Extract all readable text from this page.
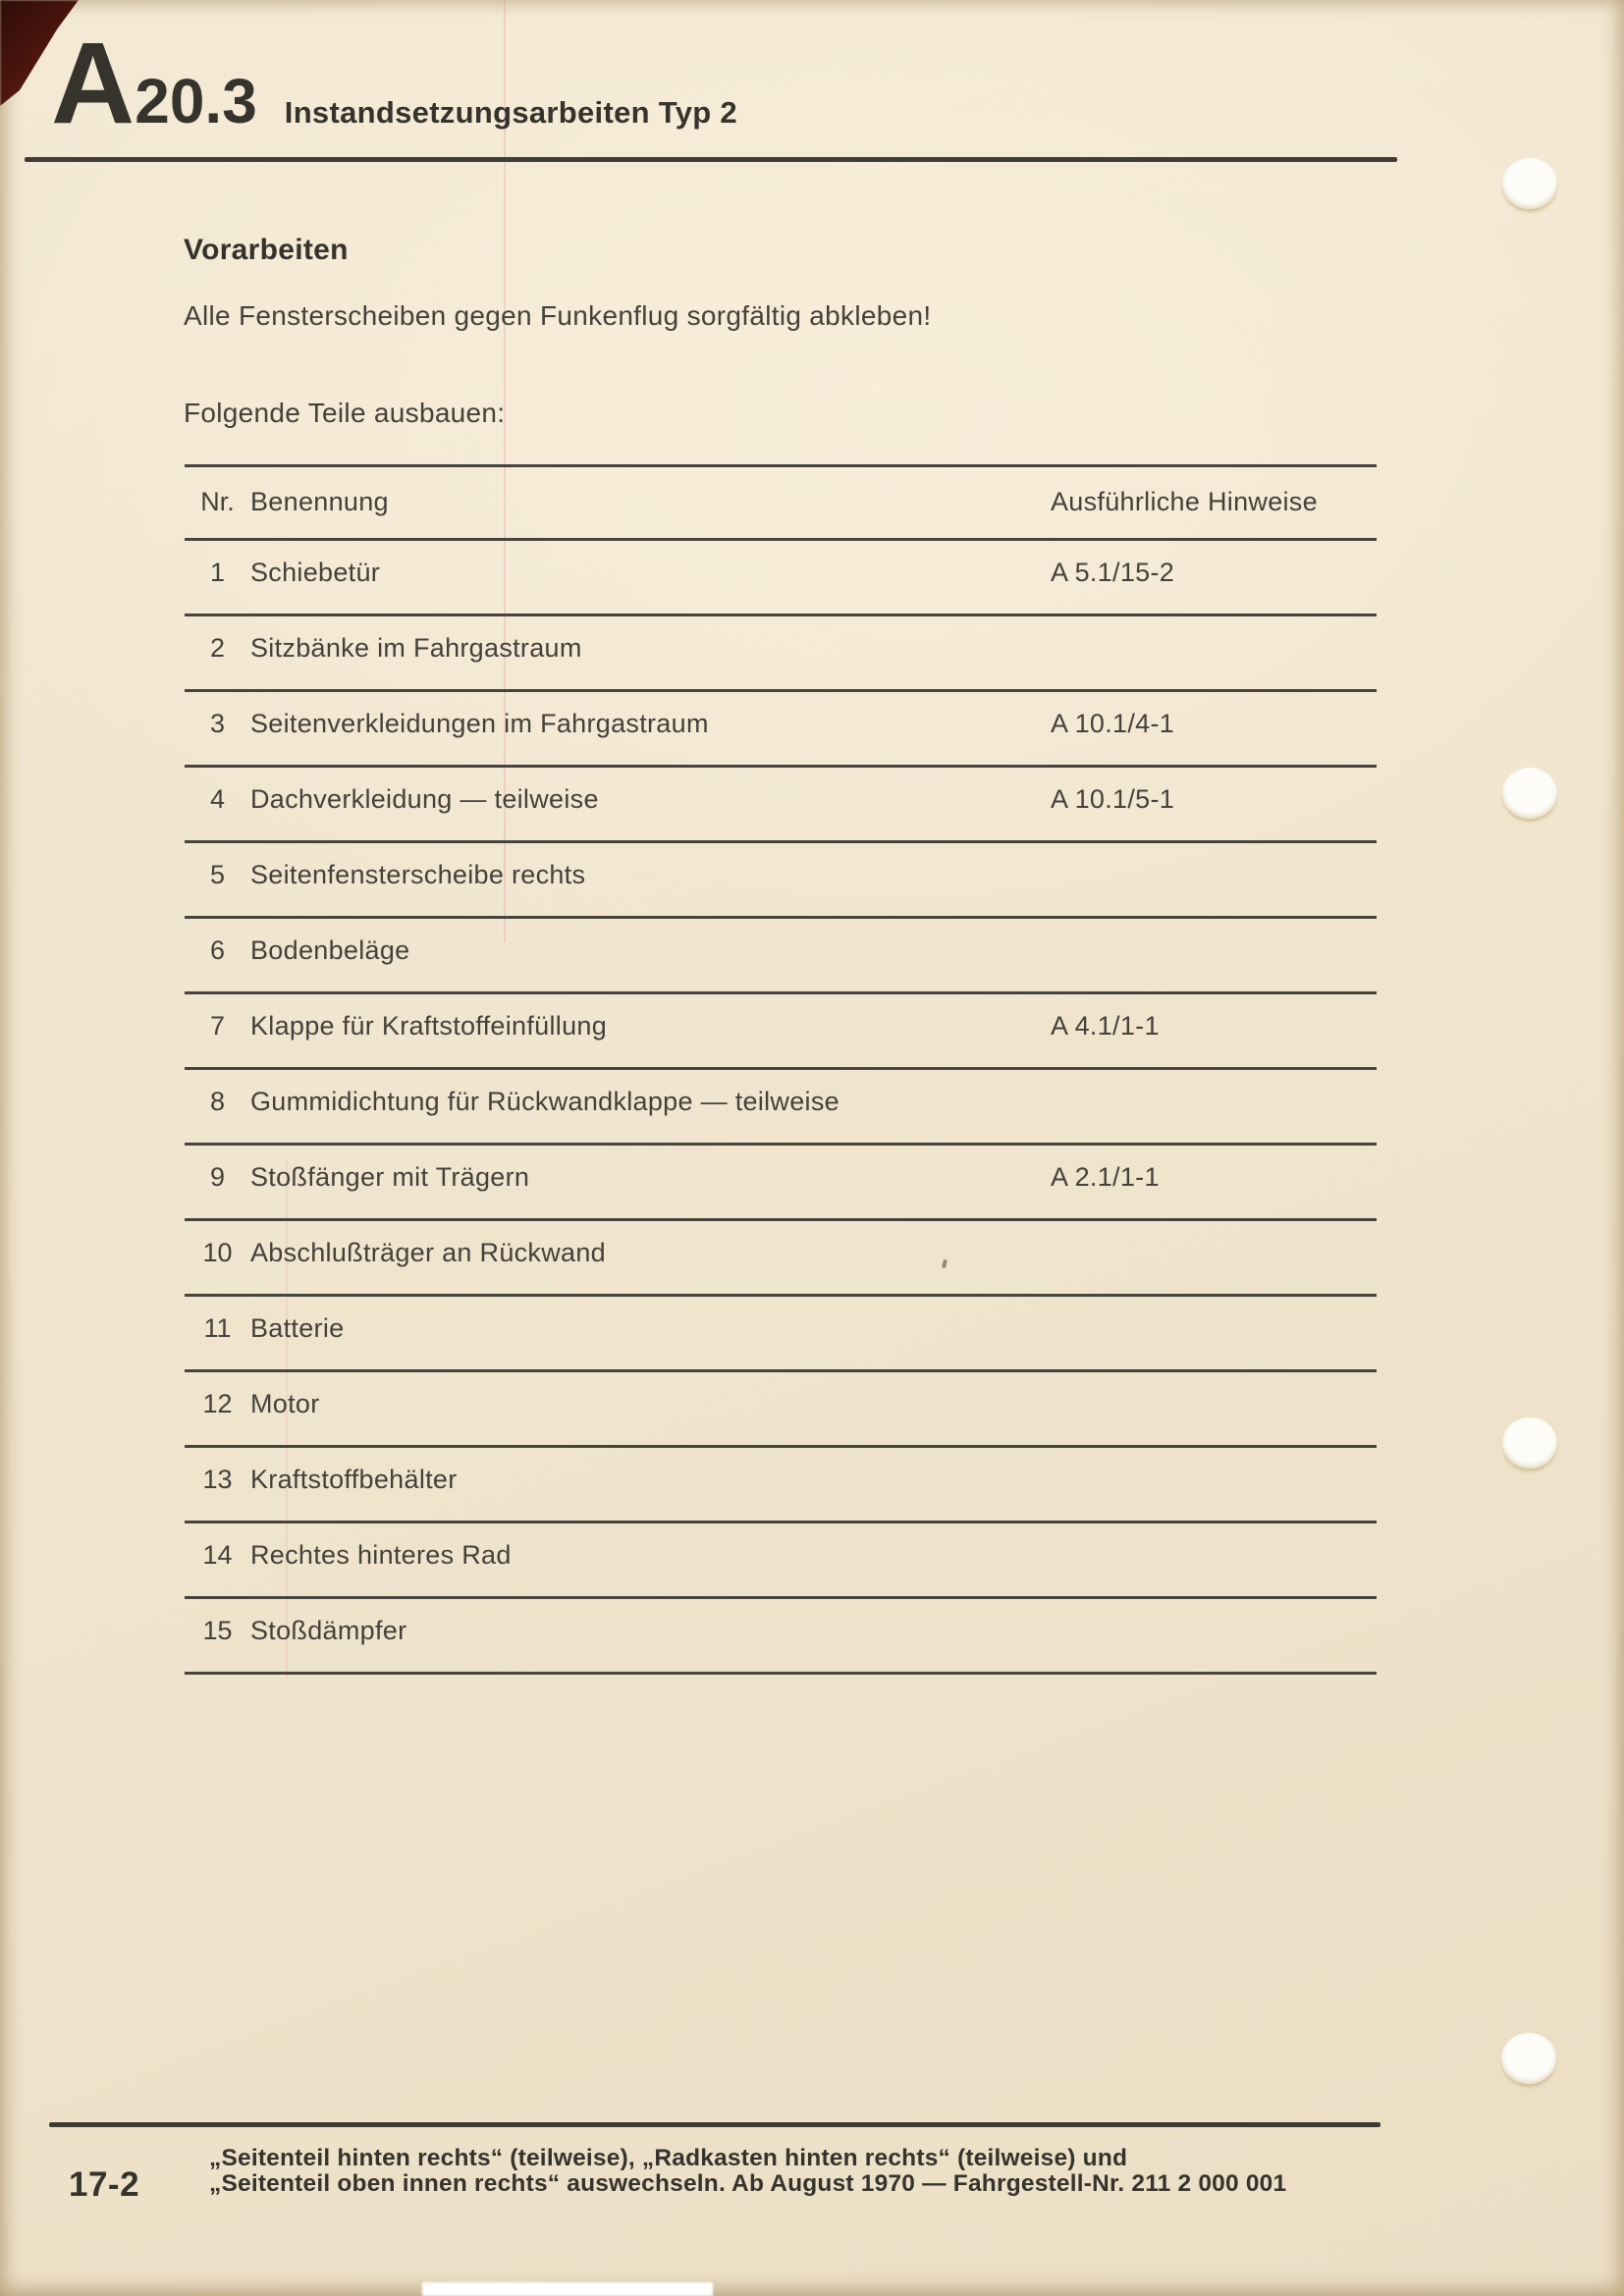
A 20.3 Instandsetzungsarbeiten Typ 2
Vorarbeiten
Alle Fensterscheiben gegen Funkenflug sorgfältig abkleben!
Folgende Teile ausbauen:
Nr. Benennung	Ausführliche Hinweise
1 Schiebetür	A 5.1/15-2
2 Sitzbänke im Fahrgastraum
3 Seitenverkleidungen im Fahrgastraum	A 10.1/4-1
4 Dachverkleidung — teilweise	A 10.1/5-1
5 Seitenfensterscheibe rechts
6 Bodenbeläge
7 Klappe für Kraftstoffeinfüllung	A 4.1/1-1
8 Gummidichtung für Rückwandklappe — teilweise
9 Stoßfänger mit Trägern	A 2.1/1-1
10 Abschlußträger an Rückwand
11 Batterie
12 Motor
13 Kraftstoffbehälter
14 Rechtes hinteres Rad
15 Stoßdämpfer
17-2
„Seitenteil hinten rechts“ (teilweise), „Radkasten hinten rechts“ (teilweise) und
„Seitenteil oben innen rechts“ auswechseln. Ab August 1970 — Fahrgestell-Nr. 211 2 000 001
